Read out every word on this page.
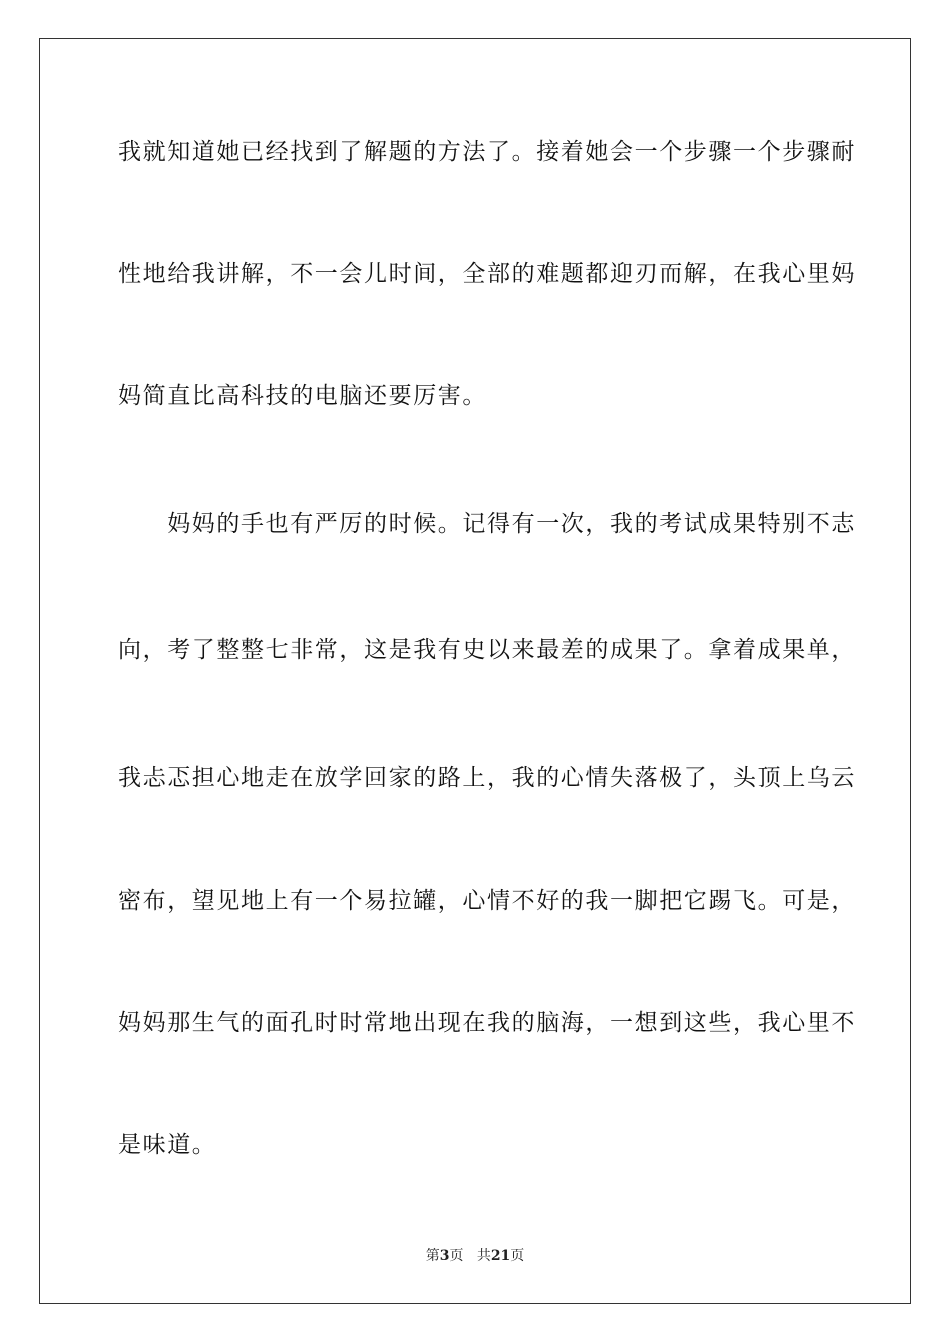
我就知道她已经找到了解题的方法了。接着她会一个步骤一个步骤耐
性地给我讲解，不一会儿时间，全部的难题都迎刃而解，在我心里妈
妈简直比高科技的电脑还要厉害。
　　妈妈的手也有严厉的时候。记得有一次，我的考试成果特别不志
向，考了整整七非常，这是我有史以来最差的成果了。拿着成果单，
我忐忑担心地走在放学回家的路上，我的心情失落极了，头顶上乌云
密布，望见地上有一个易拉罐，心情不好的我一脚把它踢飞。可是，
妈妈那生气的面孔时时常地出现在我的脑海，一想到这些，我心里不
是味道。
第3页 共21页
